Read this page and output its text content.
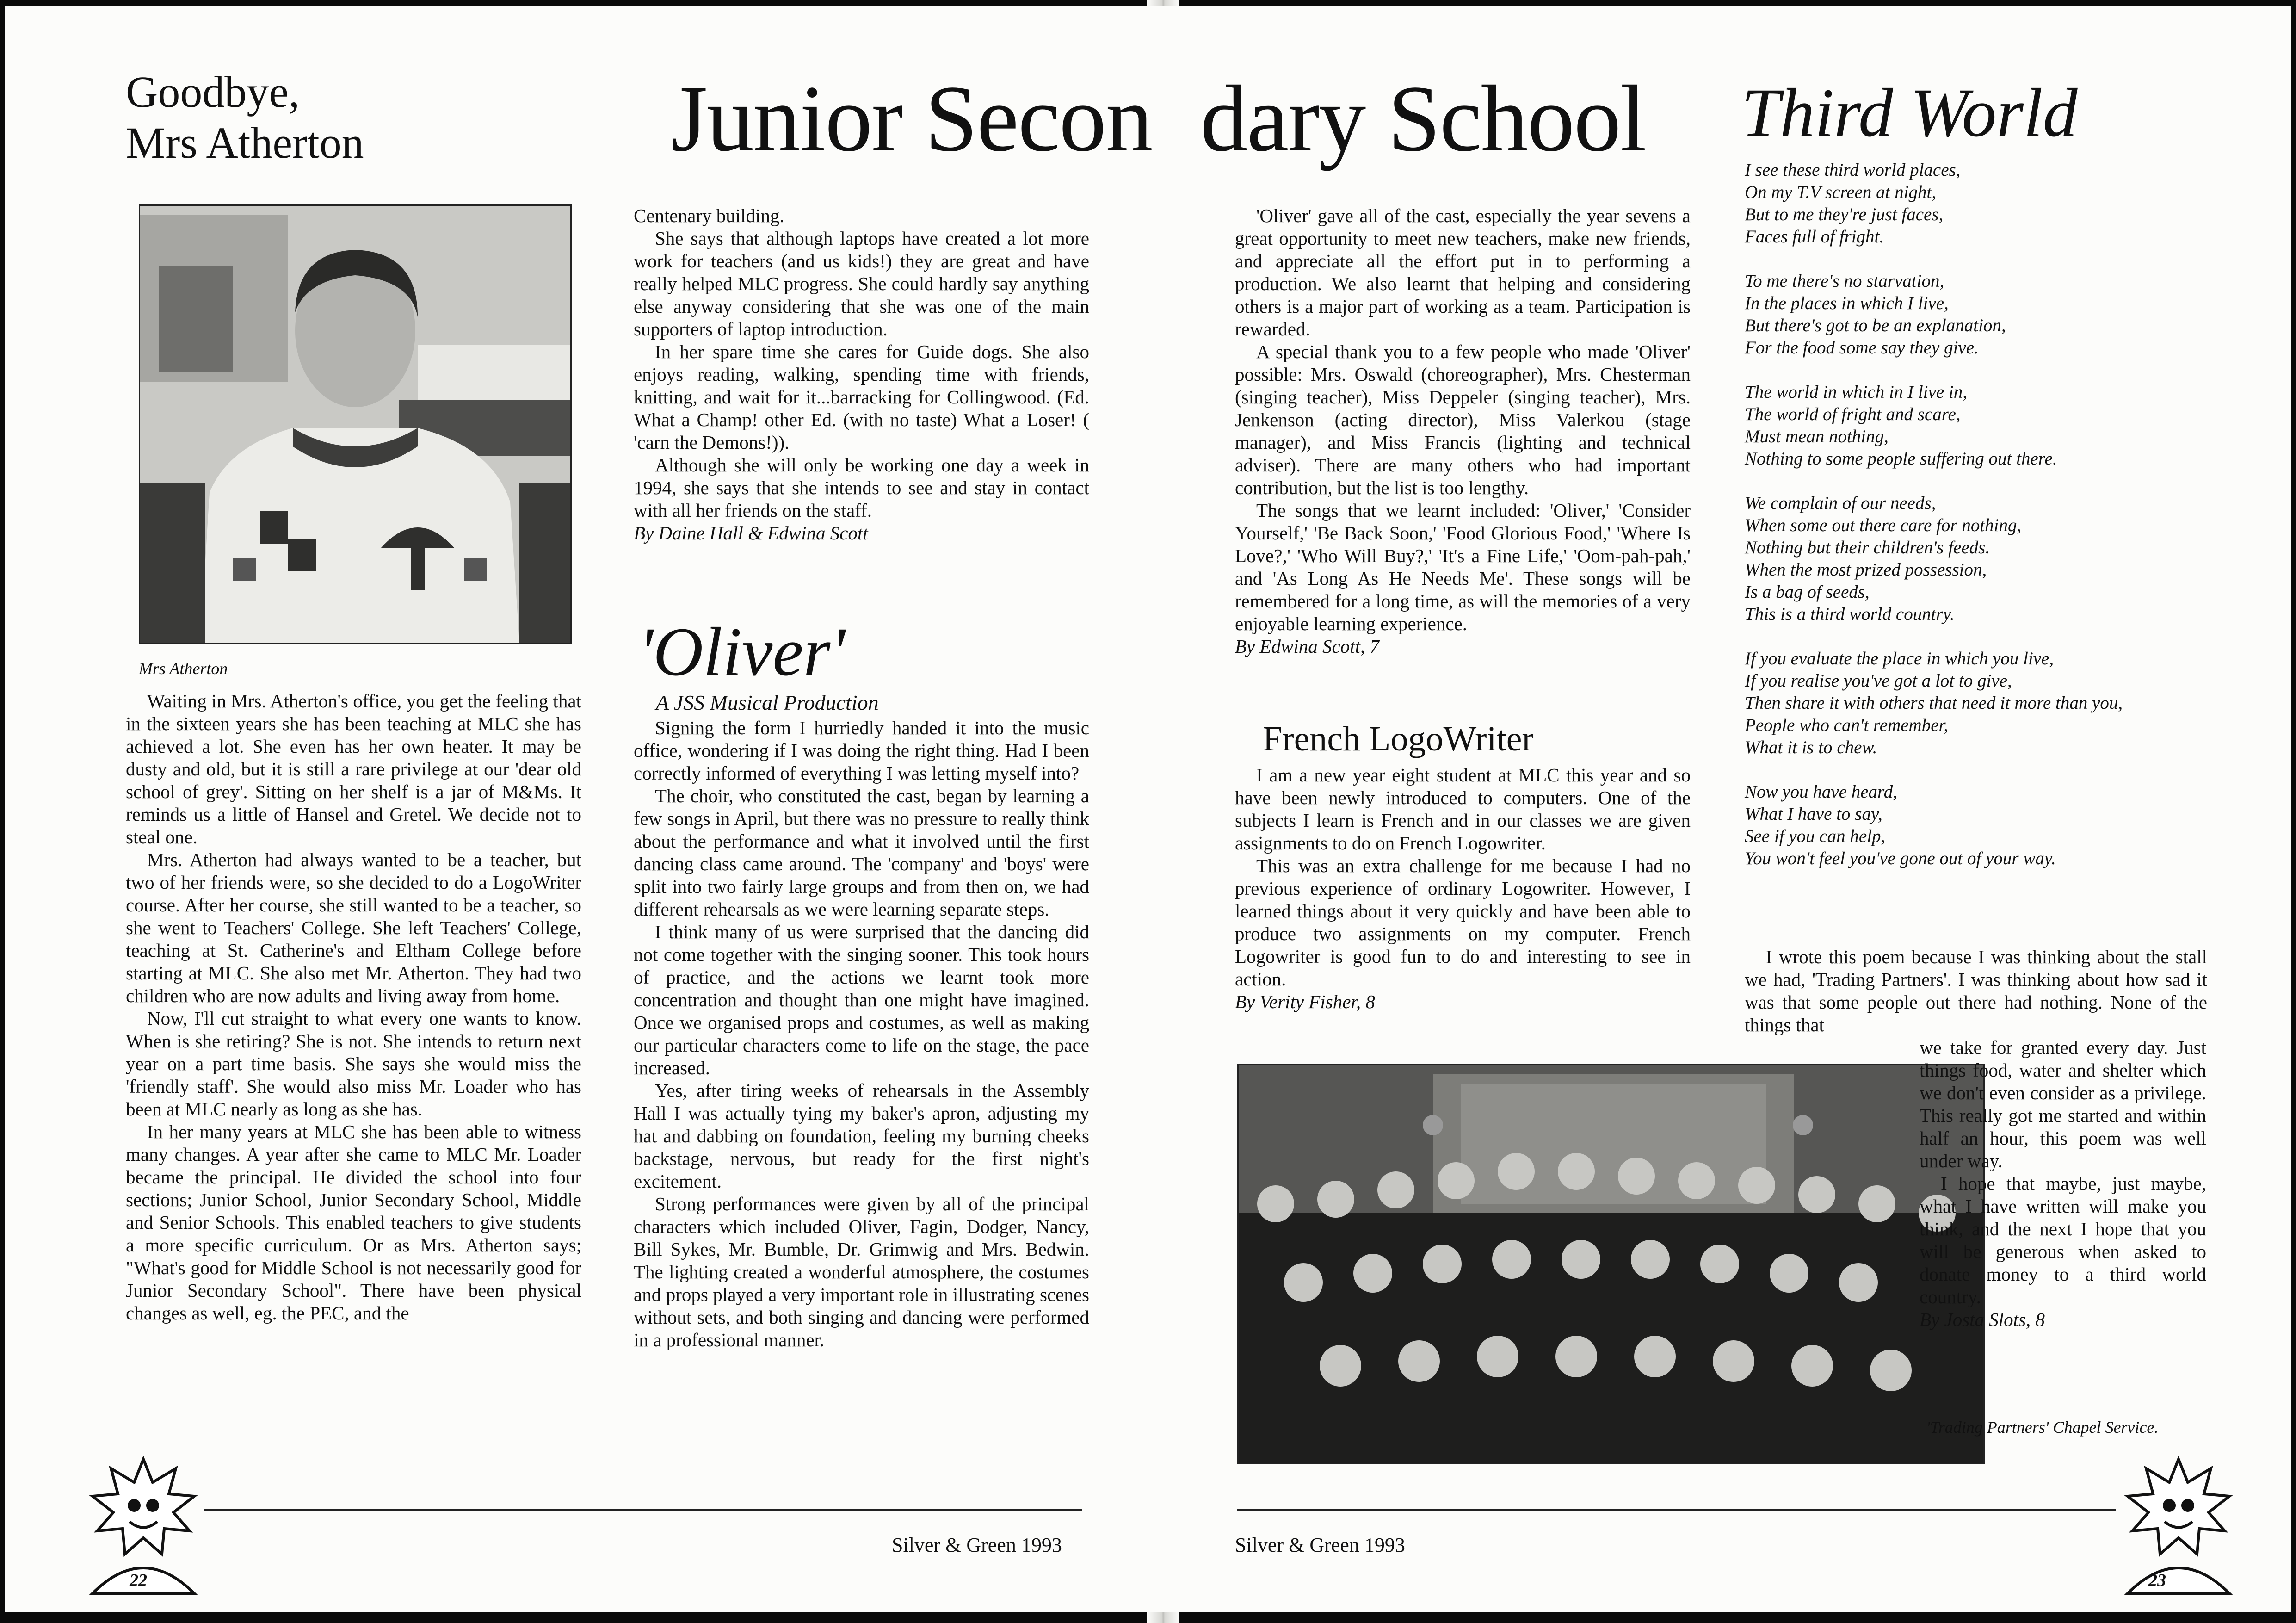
Goodbye,
Mrs Atherton	Junior Secon
Mrs Atherton

Waiting in Mrs. Atherton's office, you get the feeling that in the sixteen years she has been teaching at MLC she has achieved a lot. She even has her own heater. It may be dusty and old, but it is still a rare privilege at our 'dear old school of grey'. Sitting on her shelf is a jar of M&Ms. It reminds us a little of Hansel and Gretel. We decide not to steal one.

Mrs. Atherton had always wanted to be a teacher, but two of her friends were, so she decided to do a LogoWriter course. After her course, she still wanted to be a teacher, so she went to Teachers' College. She left Teachers' College, teaching at St. Catherine's and Eltham College before starting at MLC. She also met Mr. Atherton. They had two children who are now adults and living away from home.

Now, I'll cut straight to what every one wants to know. When is she retiring? She is not. She intends to return next year on a part time basis. She says she would miss the 'friendly staff'. She would also miss Mr. Loader who has been at MLC nearly as long as she has.

In her many years at MLC she has been able to witness many changes. A year after she came to MLC Mr. Loader became the principal. He divided the school into four sections; Junior School, Junior Secondary School, Middle and Senior Schools. This enabled teachers to give students a more specific curriculum. Or as Mrs. Atherton says; "What's good for Middle School is not necessarily good for Junior Secondary School". There have been physical changes as well, eg. the PEC, and the

Centenary building.

She says that although laptops have created a lot more work for teachers (and us kids!) they are great and have really helped MLC progress. She could hardly say anything else anyway considering that she was one of the main supporters of laptop introduction.

In her spare time she cares for Guide dogs. She also enjoys reading, walking, spending time with friends, knitting, and wait for it...barracking for Collingwood. (Ed. What a Champ! other Ed. (with no taste) What a Loser! ( 'carn the Demons!)).

Although she will only be working one day a week in 1994, she says that she intends to see and stay in contact with all her friends on the staff.

By Daine Hall & Edwina Scott

'Oliver'
A JSS Musical Production

Signing the form I hurriedly handed it into the music office, wondering if I was doing the right thing. Had I been correctly informed of everything I was letting myself into?

The choir, who constituted the cast, began by learning a few songs in April, but there was no pressure to really think about the performance and what it involved until the first dancing class came around. The 'company' and 'boys' were split into two fairly large groups and from then on, we had different rehearsals as we were learning separate steps.

I think many of us were surprised that the dancing did not come together with the singing sooner. This took hours of practice, and the actions we learnt took more concentration and thought than one might have imagined. Once we organised props and costumes, as well as making our particular characters come to life on the stage, the pace increased.

Yes, after tiring weeks of rehearsals in the Assembly Hall I was actually tying my baker's apron, adjusting my hat and dabbing on foundation, feeling my burning cheeks backstage, nervous, but ready for the first night's excitement.

Strong performances were given by all of the principal characters which included Oliver, Fagin, Dodger, Nancy, Bill Sykes, Mr. Bumble, Dr. Grimwig and Mrs. Bedwin. The lighting created a wonderful atmosphere, the costumes and props played a very important role in illustrating scenes without sets, and both singing and dancing were performed in a professional manner.

Silver & Green 1993
22
dary School

'Oliver' gave all of the cast, especially the year sevens a great opportunity to meet new teachers, make new friends, and appreciate all the effort put in to performing a production. We also learnt that helping and considering others is a major part of working as a team. Participation is rewarded.

A special thank you to a few people who made 'Oliver' possible: Mrs. Oswald (choreographer), Mrs. Chesterman (singing teacher), Miss Deppeler (singing teacher), Mrs. Jenkenson (acting director), Miss Valerkou (stage manager), and Miss Francis (lighting and technical adviser). There are many others who had important contribution, but the list is too lengthy.

The songs that we learnt included: 'Oliver,' 'Consider Yourself,' 'Be Back Soon,' 'Food Glorious Food,' 'Where Is Love?,' 'Who Will Buy?,' 'It's a Fine Life,' 'Oom-pah-pah,' and 'As Long As He Needs Me'. These songs will be remembered for a long time, as will the memories of a very enjoyable learning experience.

By Edwina Scott, 7

French LogoWriter

I am a new year eight student at MLC this year and so have been newly introduced to computers. One of the subjects I learn is French and in our classes we are given assignments to do on French Logowriter.

This was an extra challenge for me because I had no previous experience of ordinary Logowriter. However, I learned things about it very quickly and have been able to produce two assignments on my computer. French Logowriter is good fun to do and interesting to see in action.

By Verity Fisher, 8

Silver & Green 1993
Third World
I see these third world places,
On my T.V screen at night,
But to me they're just faces,
Faces full of fright.
To me there's no starvation,
In the places in which I live,
But there's got to be an explanation,
For the food some say they give.
The world in which in I live in,
The world of fright and scare,
Must mean nothing,
Nothing to some people suffering out there.
We complain of our needs,
When some out there care for nothing,
Nothing but their children's feeds.
When the most prized possession,
Is a bag of seeds,
This is a third world country.
If you evaluate the place in which you live,
If you realise you've got a lot to give,
Then share it with others that need it more than you,
People who can't remember,
What it is to chew.
Now you have heard,
What I have to say,
See if you can help,
You won't feel you've gone out of your way.

I wrote this poem because I was thinking about the stall we had, 'Trading Partners'. I was thinking about how sad it was that some people out there had nothing. None of the things that

we take for granted every day. Just things food, water and shelter which we don't even consider as a privilege. This really got me started and within half an hour, this poem was well under way.

I hope that maybe, just maybe, what I have written will make you think, and the next I hope that you will be generous when asked to donate money to a third world country.

By Josta Slots, 8

'Trading Partners' Chapel Service.
23
